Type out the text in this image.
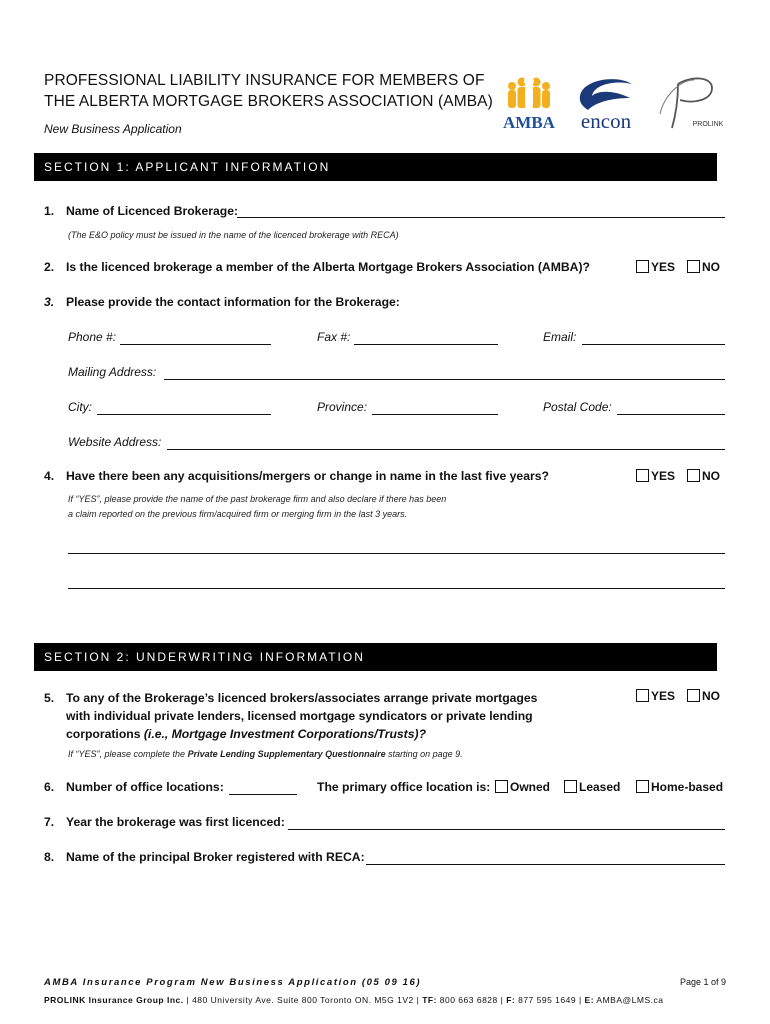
PROFESSIONAL LIABILITY INSURANCE FOR MEMBERS OF
THE ALBERTA MORTGAGE BROKERS ASSOCIATION (AMBA)
New Business Application	AMBA encon	PROLINK
SECTION 1: APPLICANT INFORMATION
1. Name of Licenced Brokerage:
(The E&O policy must be issued in the name of the licenced brokerage with RECA)
2. Is the licenced brokerage a member of the Alberta Mortgage Brokers Association (AMBA)?	YES	NO
3. Please provide the contact information for the Brokerage:
Phone #:	Fax #:	Email:
Mailing Address:
City:	Province:	Postal Code:
Website Address:
4. Have there been any acquisitions/mergers or change in name in the last five years?	YES	NO
If “YES”, please provide the name of the past brokerage firm and also declare if there has been
a claim reported on the previous firm/acquired firm or merging firm in the last 3 years.
SECTION 2: UNDERWRITING INFORMATION
5. To any of the Brokerage’s licenced brokers/associates arrange private mortgages
with individual private lenders, licensed mortgage syndicators or private lending
corporations (i.e., Mortgage Investment Corporations/Trusts)?
YES	NO
If “YES”, please complete the Private Lending Supplementary Questionnaire starting on page 9.
6. Number of office locations:	The primary office location is:	Owned	Leased	Home-based
7. Year the brokerage was first licenced:
8. Name of the principal Broker registered with RECA:
AMBA Insurance Program New Business Application (05 09 16)	Page 1 of 9
PROLINK Insurance Group Inc. | 480 University Ave. Suite 800 Toronto ON. M5G 1V2 | TF: 800 663 6828 | F: 877 595 1649 | E: AMBA@LMS.ca
